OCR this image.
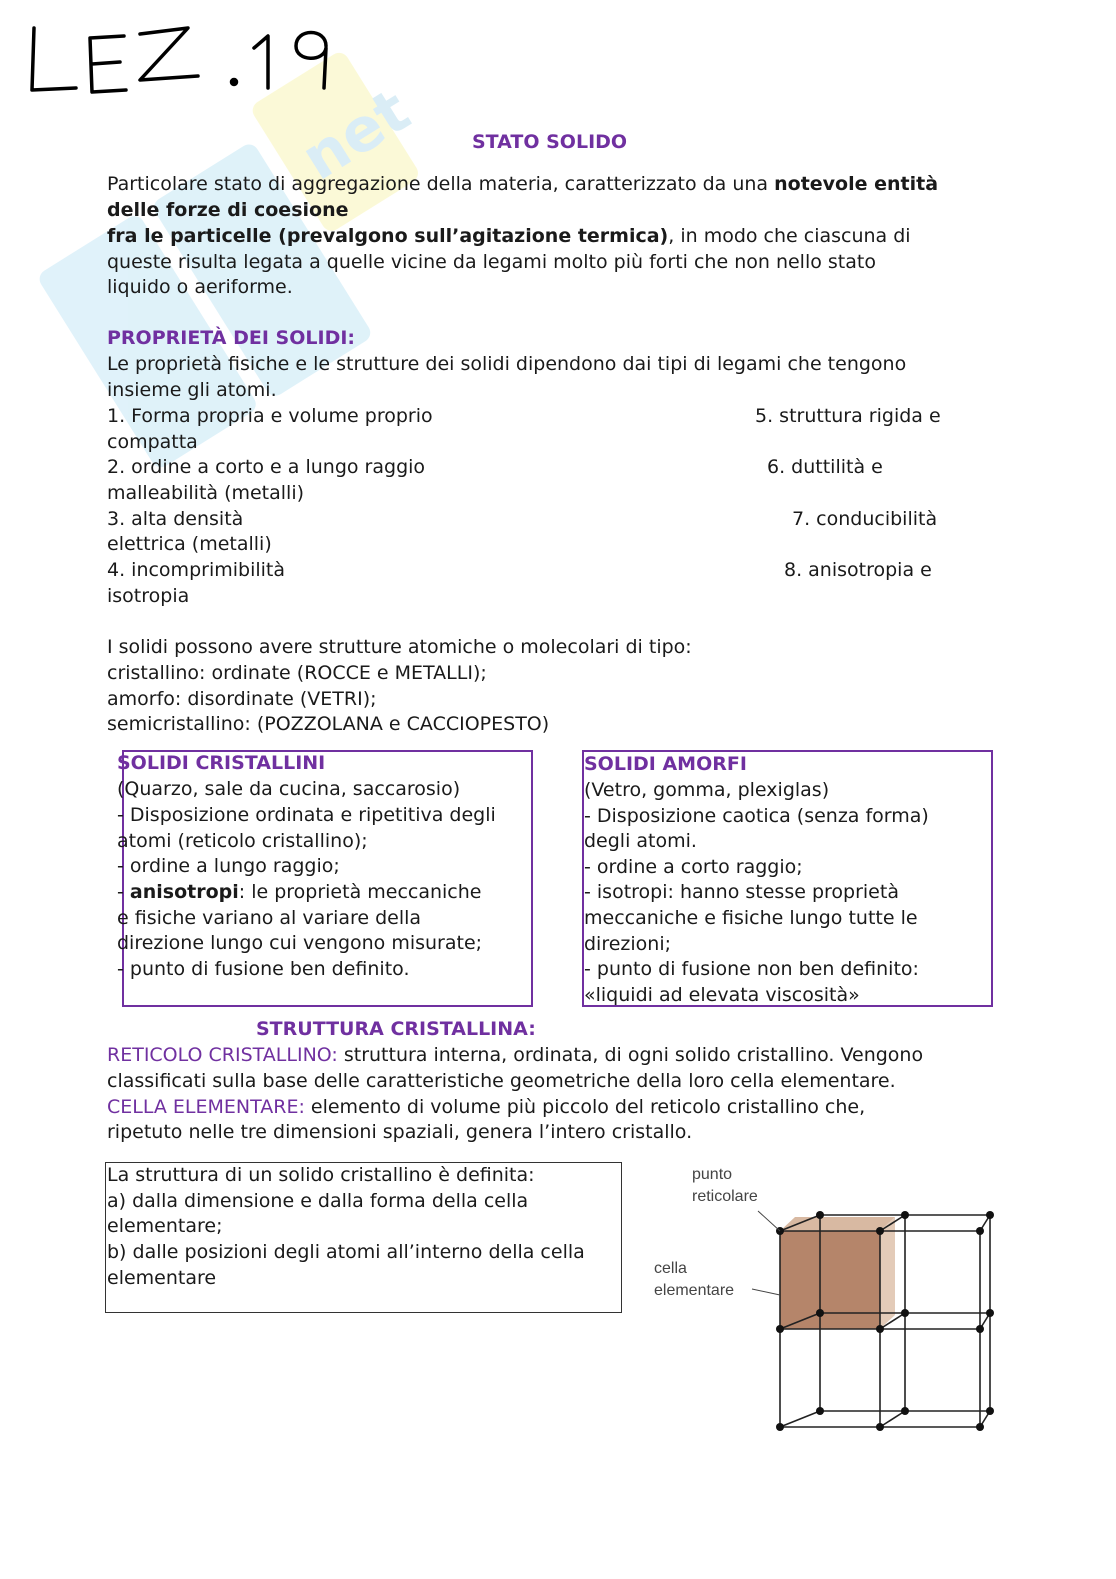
net	STATO SOLIDO
Particolare stato di aggregazione della materia, caratterizzato da una notevole entità
delle forze di coesione
fra le particelle (prevalgono sull’agitazione termica), in modo che ciascuna di
queste risulta legata a quelle vicine da legami molto più forti che non nello stato
liquido o aeriforme.
PROPRIETÀ DEI SOLIDI:
Le proprietà fisiche e le strutture dei solidi dipendono dai tipi di legami che tengono
insieme gli atomi.
1. Forma propria e volume proprio	5. struttura rigida e
compatta
2. ordine a corto e a lungo raggio	6. duttilità e
malleabilità (metalli)
3. alta densità	7. conducibilità
elettrica (metalli)
4. incomprimibilità	8. anisotropia e
isotropia
I solidi possono avere strutture atomiche o molecolari di tipo:
cristallino: ordinate (ROCCE e METALLI);
amorfo: disordinate (VETRI);
semicristallino: (POZZOLANA e CACCIOPESTO)
SOLIDI CRISTALLINI
(Quarzo, sale da cucina, saccarosio)
- Disposizione ordinata e ripetitiva degli
atomi (reticolo cristallino);
- ordine a lungo raggio;
- anisotropi: le proprietà meccaniche
e fisiche variano al variare della
direzione lungo cui vengono misurate;
- punto di fusione ben definito.
SOLIDI AMORFI
(Vetro, gomma, plexiglas)
- Disposizione caotica (senza forma)
degli atomi.
- ordine a corto raggio;
- isotropi: hanno stesse proprietà
meccaniche e fisiche lungo tutte le
direzioni;
- punto di fusione non ben definito:
«liquidi ad elevata viscosità»
STRUTTURA CRISTALLINA:
RETICOLO CRISTALLINO: struttura interna, ordinata, di ogni solido cristallino. Vengono
classificati sulla base delle caratteristiche geometriche della loro cella elementare.
CELLA ELEMENTARE: elemento di volume più piccolo del reticolo cristallino che,
ripetuto nelle tre dimensioni spaziali, genera l’intero cristallo.
La struttura di un solido cristallino è definita:
a) dalla dimensione e dalla forma della cella
elementare;
b) dalle posizioni degli atomi all’interno della cella
elementare
punto
reticolare
cella
elementare
